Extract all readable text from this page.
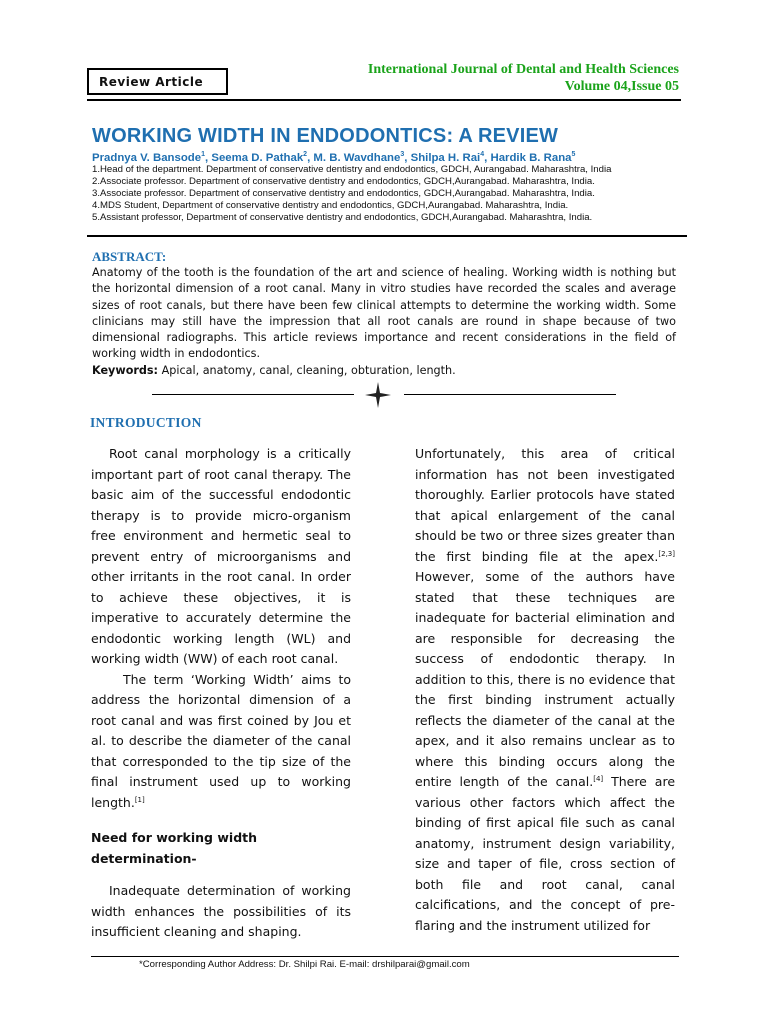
Review Article
International Journal of Dental and Health Sciences
Volume 04,Issue 05
WORKING WIDTH IN ENDODONTICS: A REVIEW
Pradnya V. Bansode$^1$, Seema D. Pathak$^2$, M. B. Wavdhane$^3$, Shilpa H. Rai$^4$, Hardik B. Rana$^5$
1.Head of the department. Department of conservative dentistry and endodontics, GDCH, Aurangabad. Maharashtra, India
2.Associate professor. Department of conservative dentistry and endodontics, GDCH,Aurangabad. Maharashtra, India.
3.Associate professor. Department of conservative dentistry and endodontics, GDCH,Aurangabad. Maharashtra, India.
4.MDS Student, Department of conservative dentistry and endodontics, GDCH,Aurangabad. Maharashtra, India.
5.Assistant professor, Department of conservative dentistry and endodontics, GDCH,Aurangabad. Maharashtra, India.
ABSTRACT:
Anatomy of the tooth is the foundation of the art and science of healing. Working width is nothing but the horizontal dimension of a root canal. Many in vitro studies have recorded the scales and average sizes of root canals, but there have been few clinical attempts to determine the working width. Some clinicians may still have the impression that all root canals are round in shape because of two dimensional radiographs. This article reviews importance and recent considerations in the field of working width in endodontics.
Keywords: Apical, anatomy, canal, cleaning, obturation, length.
INTRODUCTION

Root canal morphology is a critically important part of root canal therapy. The basic aim of the successful endodontic therapy is to provide micro-organism free environment and hermetic seal to prevent entry of microorganisms and other irritants in the root canal. In order to achieve these objectives, it is imperative to accurately determine the endodontic working length (WL) and working width (WW) of each root canal.

The term ‘Working Width’ aims to address the horizontal dimension of a root canal and was first coined by Jou et al. to describe the diameter of the canal that corresponded to the tip size of the final instrument used up to working length.[1]

Need for working width determination-

Inadequate determination of working width enhances the possibilities of its insufficient cleaning and shaping.

Unfortunately, this area of critical information has not been investigated thoroughly. Earlier protocols have stated that apical enlargement of the canal should be two or three sizes greater than the first binding file at the apex.[2,3] However, some of the authors have stated that these techniques are inadequate for bacterial elimination and are responsible for decreasing the success of endodontic therapy. In addition to this, there is no evidence that the first binding instrument actually reflects the diameter of the canal at the apex, and it also remains unclear as to where this binding occurs along the entire length of the canal.[4] There are various other factors which affect the binding of first apical file such as canal anatomy, instrument design variability, size and taper of file, cross section of both file and root canal, canal calcifications, and the concept of pre-flaring and the instrument utilized for

*Corresponding Author Address: Dr. Shilpi Rai. E-mail: drshilparai@gmail.com
